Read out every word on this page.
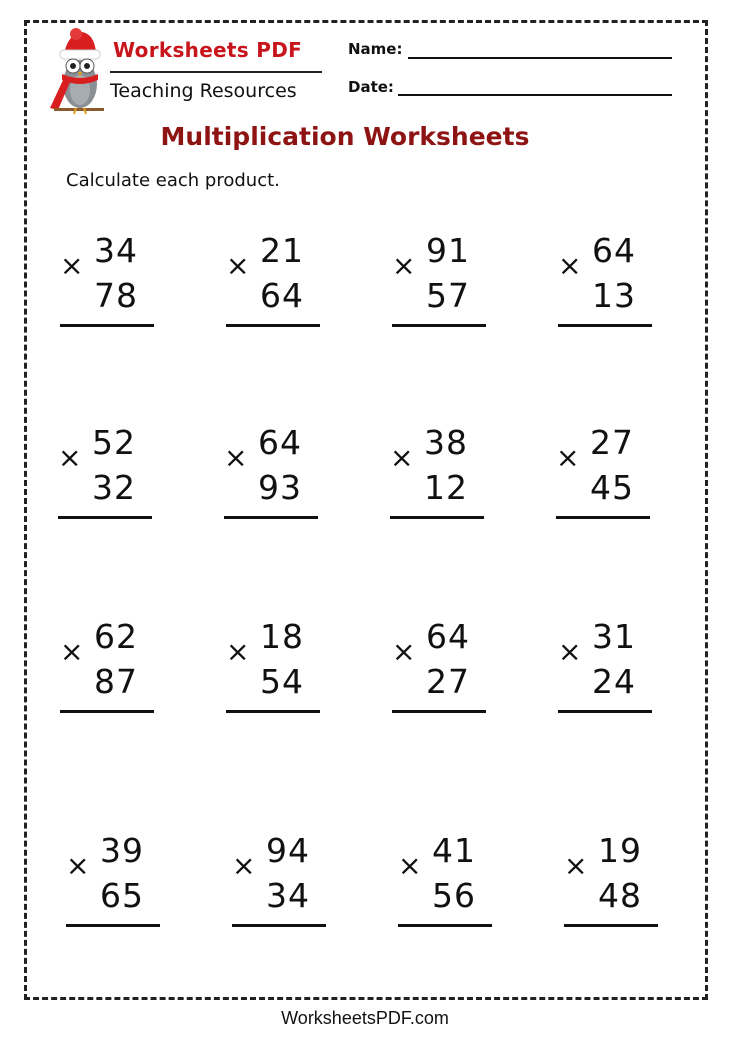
Worksheets PDF
Teaching Resources
Name:
Date:
Multiplication Worksheets
Calculate each product.
× 34
78
× 21
64
× 91
57
× 64
13
× 52
32
× 64
93
× 38
12
× 27
45
× 62
87
× 18
54
× 64
27
× 31
24
× 39
65
× 94
34
× 41
56
× 19
48
WorksheetsPDF.com
